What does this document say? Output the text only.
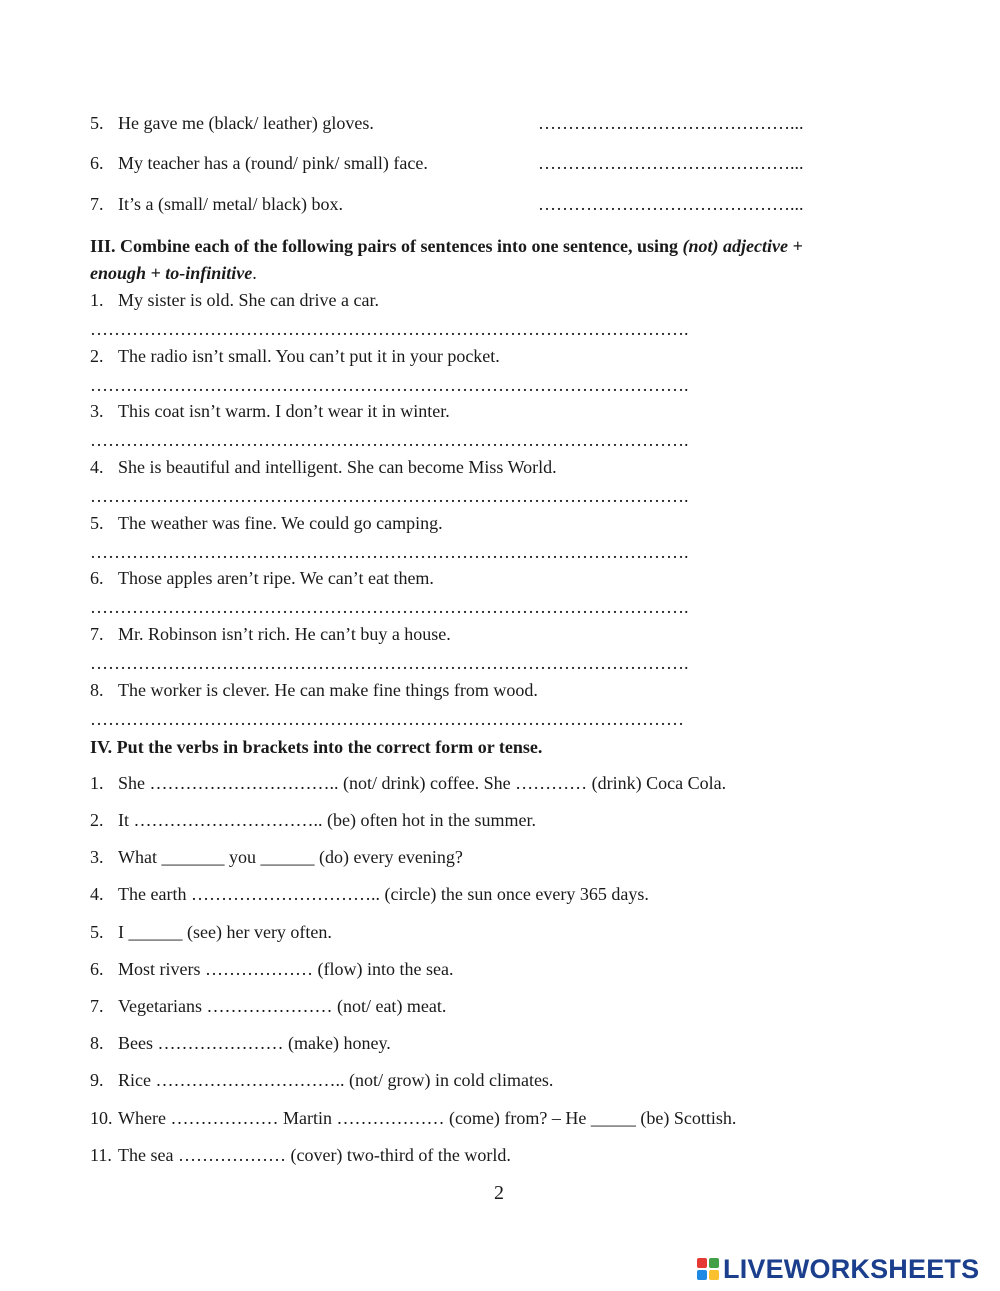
5. He gave me (black/ leather) gloves.	……………………………………...
6. My teacher has a (round/ pink/ small) face.	……………………………………...
7. It’s a (small/ metal/ black) box.	……………………………………...
III. Combine each of the following pairs of sentences into one sentence, using (not) adjective +
enough + to-infinitive.
1. My sister is old. She can drive a car.
……………………………………………………………………………………….
2. The radio isn’t small. You can’t put it in your pocket.
……………………………………………………………………………………….
3. This coat isn’t warm. I don’t wear it in winter.
……………………………………………………………………………………….
4. She is beautiful and intelligent. She can become Miss World.
……………………………………………………………………………………….
5. The weather was fine. We could go camping.
……………………………………………………………………………………….
6. Those apples aren’t ripe. We can’t eat them.
……………………………………………………………………………………….
7. Mr. Robinson isn’t rich. He can’t buy a house.
……………………………………………………………………………………….
8. The worker is clever. He can make fine things from wood.
………………………………………………………………………………………
IV. Put the verbs in brackets into the correct form or tense.
1. She ………………………….. (not/ drink) coffee. She ………… (drink) Coca Cola.
2. It ………………………….. (be) often hot in the summer.
3. What _______ you ______ (do) every evening?
4. The earth ………………………….. (circle) the sun once every 365 days.
5. I ______ (see) her very often.
6. Most rivers ……………… (flow) into the sea.
7. Vegetarians ………………… (not/ eat) meat.
8. Bees ………………… (make) honey.
9. Rice ………………………….. (not/ grow) in cold climates.
10. Where ……………… Martin ……………… (come) from? – He _____ (be) Scottish.
11. The sea ……………… (cover) two-third of the world.
2
LIVEWORKSHEETS
